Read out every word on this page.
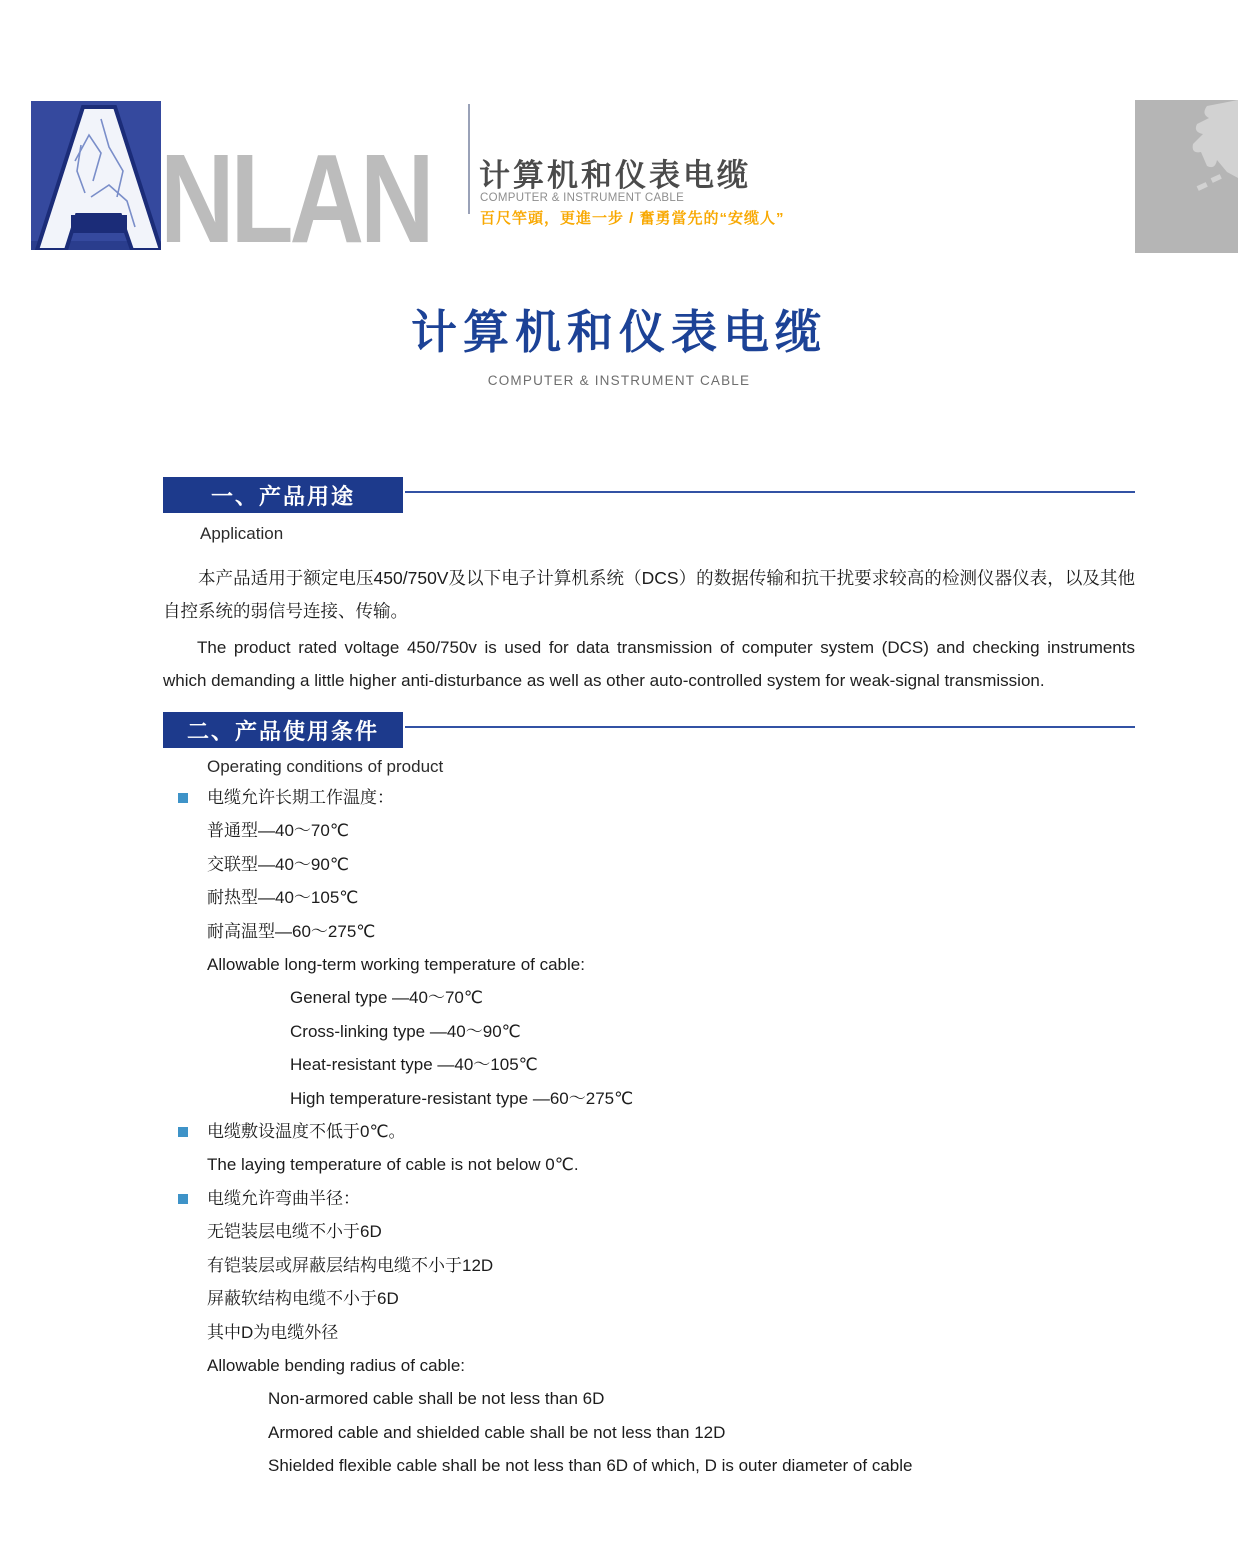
NLAN 计算机和仪表电缆
COMPUTER & INSTRUMENT CABLE
百尺竿頭，更進一步 / 奮勇當先的“安缆人”
计算机和仪表电缆
COMPUTER & INSTRUMENT CABLE
一、产品用途
Application
本产品适用于额定电压450/750V及以下电子计算机系统（DCS）的数据传输和抗干扰要求较高的检测仪器仪表，以及其他自控系统的弱信号连接、传输。
The product rated voltage 450/750v is used for data transmission of computer system (DCS) and checking instruments which demanding a little higher anti-disturbance as well as other auto-controlled system for weak-signal transmission.
二、产品使用条件
Operating conditions of product
电缆允许长期工作温度：
普通型—40～70℃
交联型—40～90℃
耐热型—40～105℃
耐高温型—60～275℃
Allowable long-term working temperature of cable:
General type —40～70℃
Cross-linking type —40～90℃
Heat-resistant type —40～105℃
High temperature-resistant type —60～275℃
电缆敷设温度不低于0℃。
The laying temperature of cable is not below 0℃.
电缆允许弯曲半径：
无铠装层电缆不小于6D
有铠装层或屏蔽层结构电缆不小于12D
屏蔽软结构电缆不小于6D
其中D为电缆外径
Allowable bending radius of cable:
Non-armored cable shall be not less than 6D
Armored cable and shielded cable shall be not less than 12D
Shielded flexible cable shall be not less than 6D of which, D is outer diameter of cable
